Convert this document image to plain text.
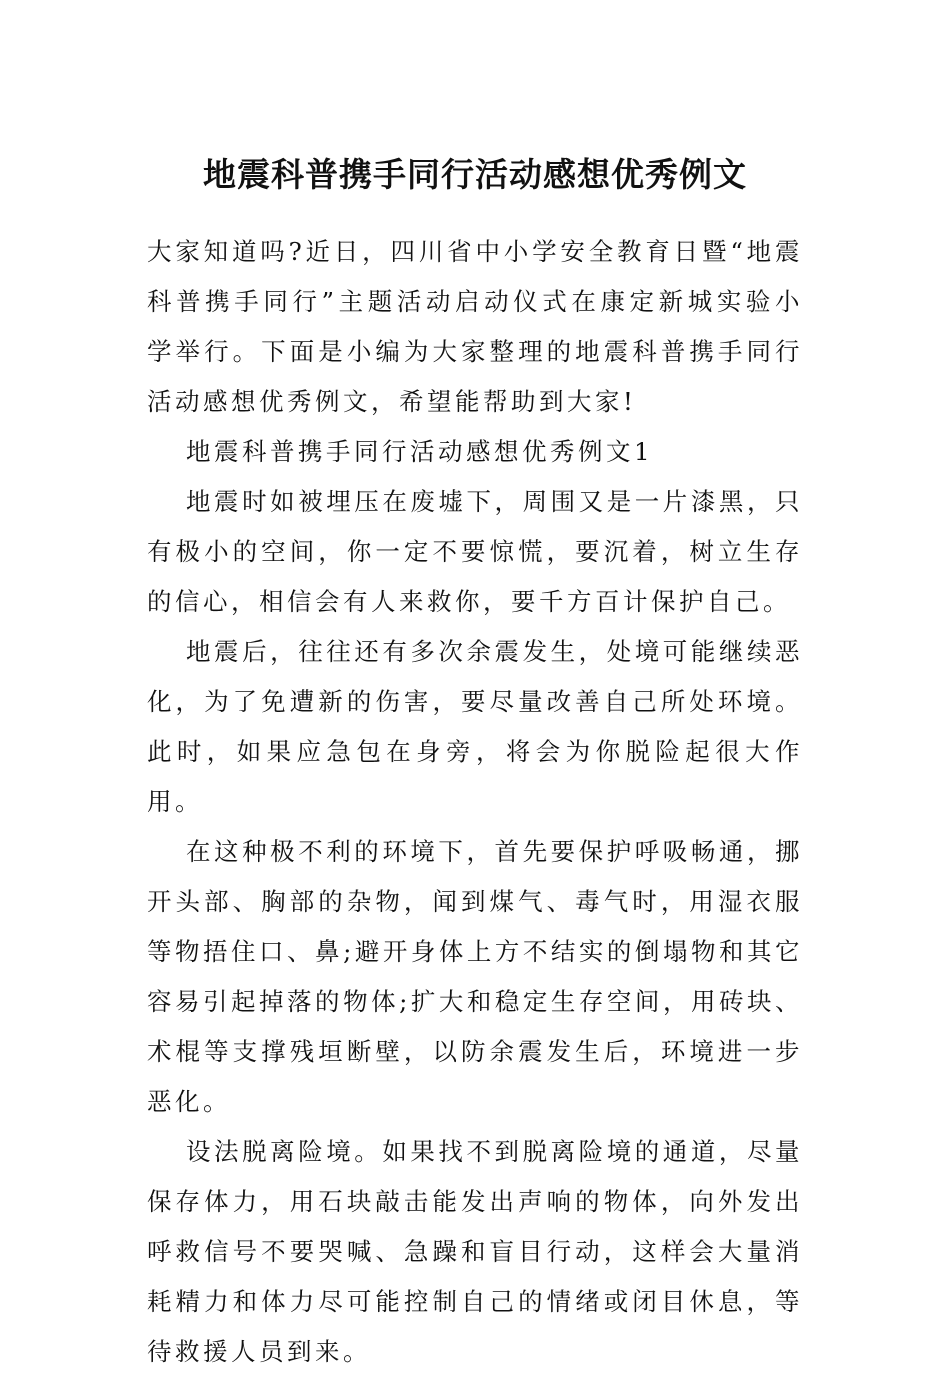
地震科普携手同行活动感想优秀例文

大家知道吗?近日，四川省中小学安全教育日暨“地震科普携手同行”主题活动启动仪式在康定新城实验小学举行。下面是小编为大家整理的地震科普携手同行活动感想优秀例文，希望能帮助到大家!

地震科普携手同行活动感想优秀例文1

地震时如被埋压在废墟下，周围又是一片漆黑，只有极小的空间，你一定不要惊慌，要沉着，树立生存的信心，相信会有人来救你，要千方百计保护自己。

地震后，往往还有多次余震发生，处境可能继续恶化，为了免遭新的伤害，要尽量改善自己所处环境。此时，如果应急包在身旁，将会为你脱险起很大作用。

在这种极不利的环境下，首先要保护呼吸畅通，挪开头部、胸部的杂物，闻到煤气、毒气时，用湿衣服等物捂住口、鼻;避开身体上方不结实的倒塌物和其它容易引起掉落的物体;扩大和稳定生存空间，用砖块、术棍等支撑残垣断壁，以防余震发生后，环境进一步恶化。

设法脱离险境。如果找不到脱离险境的通道，尽量保存体力，用石块敲击能发出声响的物体，向外发出呼救信号不要哭喊、急躁和盲目行动，这样会大量消耗精力和体力尽可能控制自己的情绪或闭目休息，等待救援人员到来。
